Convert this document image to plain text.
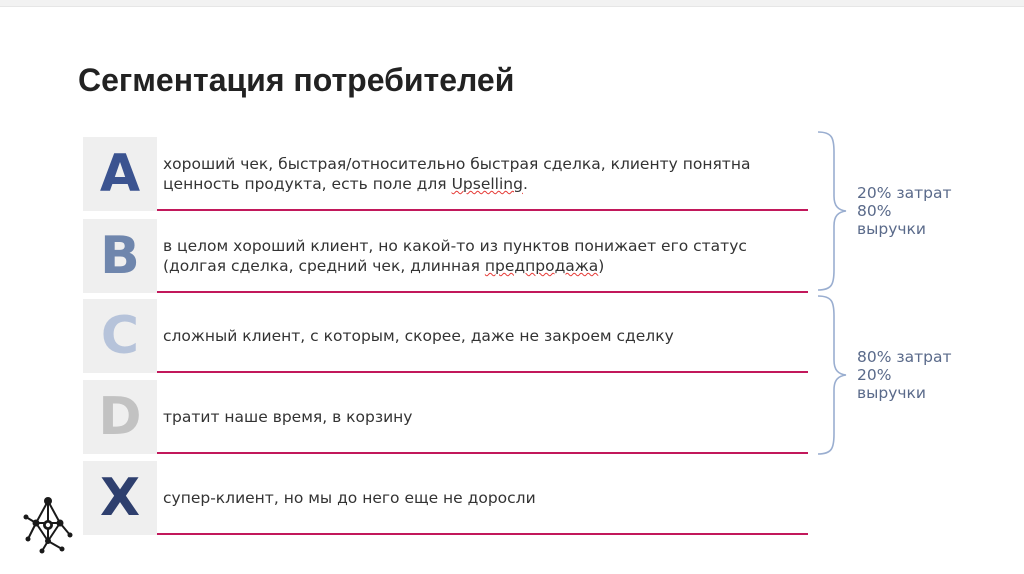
Сегментация потребителей
A	хороший чек, быстрая/относительно быстрая сделка, клиенту понятна ценность продукта, есть поле для Upselling.
B	в целом хороший клиент, но какой-то из пунктов понижает его статус (долгая сделка, средний чек, длинная предпродажа)
C	сложный клиент, с которым, скорее, даже не закроем сделку
D	тратит наше время, в корзину
X	супер-клиент, но мы до него еще не доросли
20% затрат
80%
выручки
80% затрат
20%
выручки
